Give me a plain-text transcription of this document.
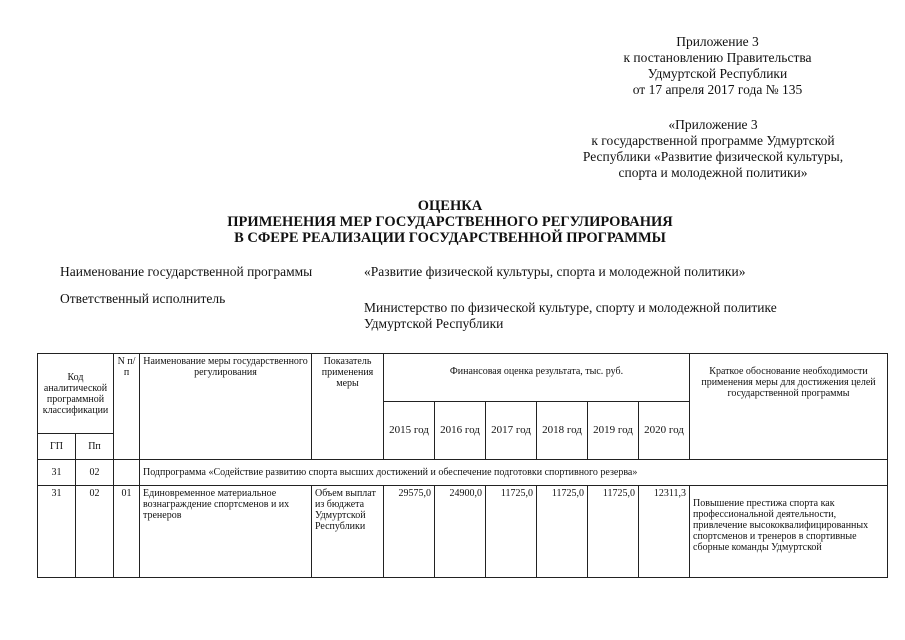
Приложение 3
к постановлению Правительства
Удмуртской Республики
от 17 апреля 2017 года № 135
«Приложение 3
к государственной программе Удмуртской
Республики «Развитие физической культуры,
спорта и молодежной политики»
ОЦЕНКА
ПРИМЕНЕНИЯ МЕР ГОСУДАРСТВЕННОГО РЕГУЛИРОВАНИЯ
В СФЕРЕ РЕАЛИЗАЦИИ ГОСУДАРСТВЕННОЙ ПРОГРАММЫ
Наименование государственной программы	«Развитие физической культуры, спорта и молодежной политики»
Ответственный исполнитель
Министерство по физической культуре, спорту и молодежной политике Удмуртской Республики
Код аналитической программной классификации		N п/п	Наименование меры государственного регулирования	Показатель применения меры	Финансовая оценка результата, тыс. руб.						Краткое обоснование необходимости применения меры для достижения целей государственной программы
					2015 год	2016 год	2017 год	2018 год	2019 год	2020 год	
ГП	Пп										
31	02		Подпрограмма «Содействие развитию спорта высших достижений и обеспечение подготовки спортивного резерва»								
31	02	01	Единовременное материальное вознаграждение спортсменов и их тренеров	Объем выплат из бюджета Удмуртской Республики	29575,0	24900,0	11725,0	11725,0	11725,0	12311,3	Повышение престижа спорта как профессиональной деятельности, привлечение высококвалифицированных спортсменов и тренеров в спортивные сборные команды Удмуртской
